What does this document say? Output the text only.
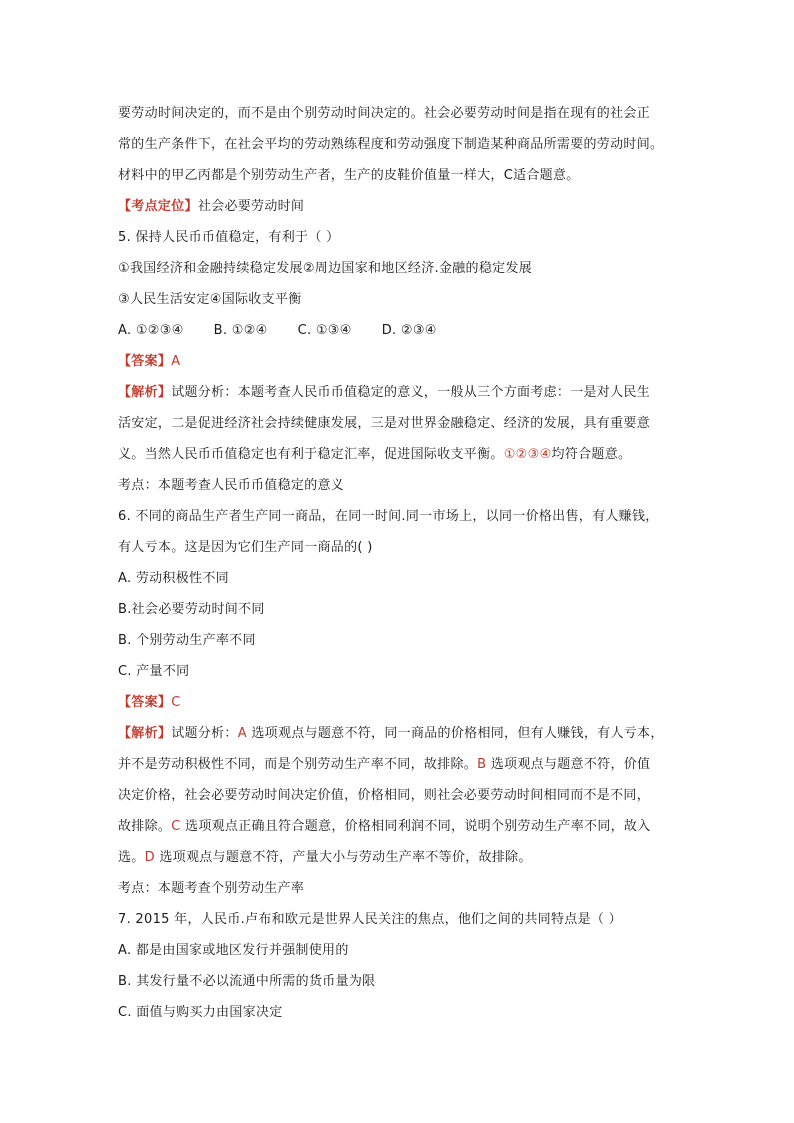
要劳动时间决定的，而不是由个别劳动时间决定的。社会必要劳动时间是指在现有的社会正
常的生产条件下，在社会平均的劳动熟练程度和劳动强度下制造某种商品所需要的劳动时间。
材料中的甲乙丙都是个别劳动生产者，生产的皮鞋价值量一样大，C适合题意。
【考点定位】社会必要劳动时间
5. 保持人民币币值稳定，有利于（ ）
①我国经济和金融持续稳定发展②周边国家和地区经济.金融的稳定发展
③人民生活安定④国际收支平衡
A. ①②③④ B. ①②④ C. ①③④ D. ②③④
【答案】A
【解析】试题分析：本题考查人民币币值稳定的意义，一般从三个方面考虑：一是对人民生
活安定，二是促进经济社会持续健康发展，三是对世界金融稳定、经济的发展，具有重要意
义。当然人民币币值稳定也有利于稳定汇率，促进国际收支平衡。①②③④均符合题意。
考点：本题考查人民币币值稳定的意义
6. 不同的商品生产者生产同一商品，在同一时间.同一市场上，以同一价格出售，有人赚钱，
有人亏本。这是因为它们生产同一商品的( )
A. 劳动积极性不同
B.社会必要劳动时间不同
B. 个别劳动生产率不同
C. 产量不同
【答案】C
【解析】试题分析：A 选项观点与题意不符，同一商品的价格相同，但有人赚钱，有人亏本，
并不是劳动积极性不同，而是个别劳动生产率不同，故排除。B 选项观点与题意不符，价值
决定价格，社会必要劳动时间决定价值，价格相同，则社会必要劳动时间相同而不是不同，
故排除。C 选项观点正确且符合题意，价格相同利润不同，说明个别劳动生产率不同，故入
选。D 选项观点与题意不符，产量大小与劳动生产率不等价，故排除。
考点：本题考查个别劳动生产率
7. 2015 年，人民币.卢布和欧元是世界人民关注的焦点，他们之间的共同特点是（ ）
A. 都是由国家或地区发行并强制使用的
B. 其发行量不必以流通中所需的货币量为限
C. 面值与购买力由国家决定
